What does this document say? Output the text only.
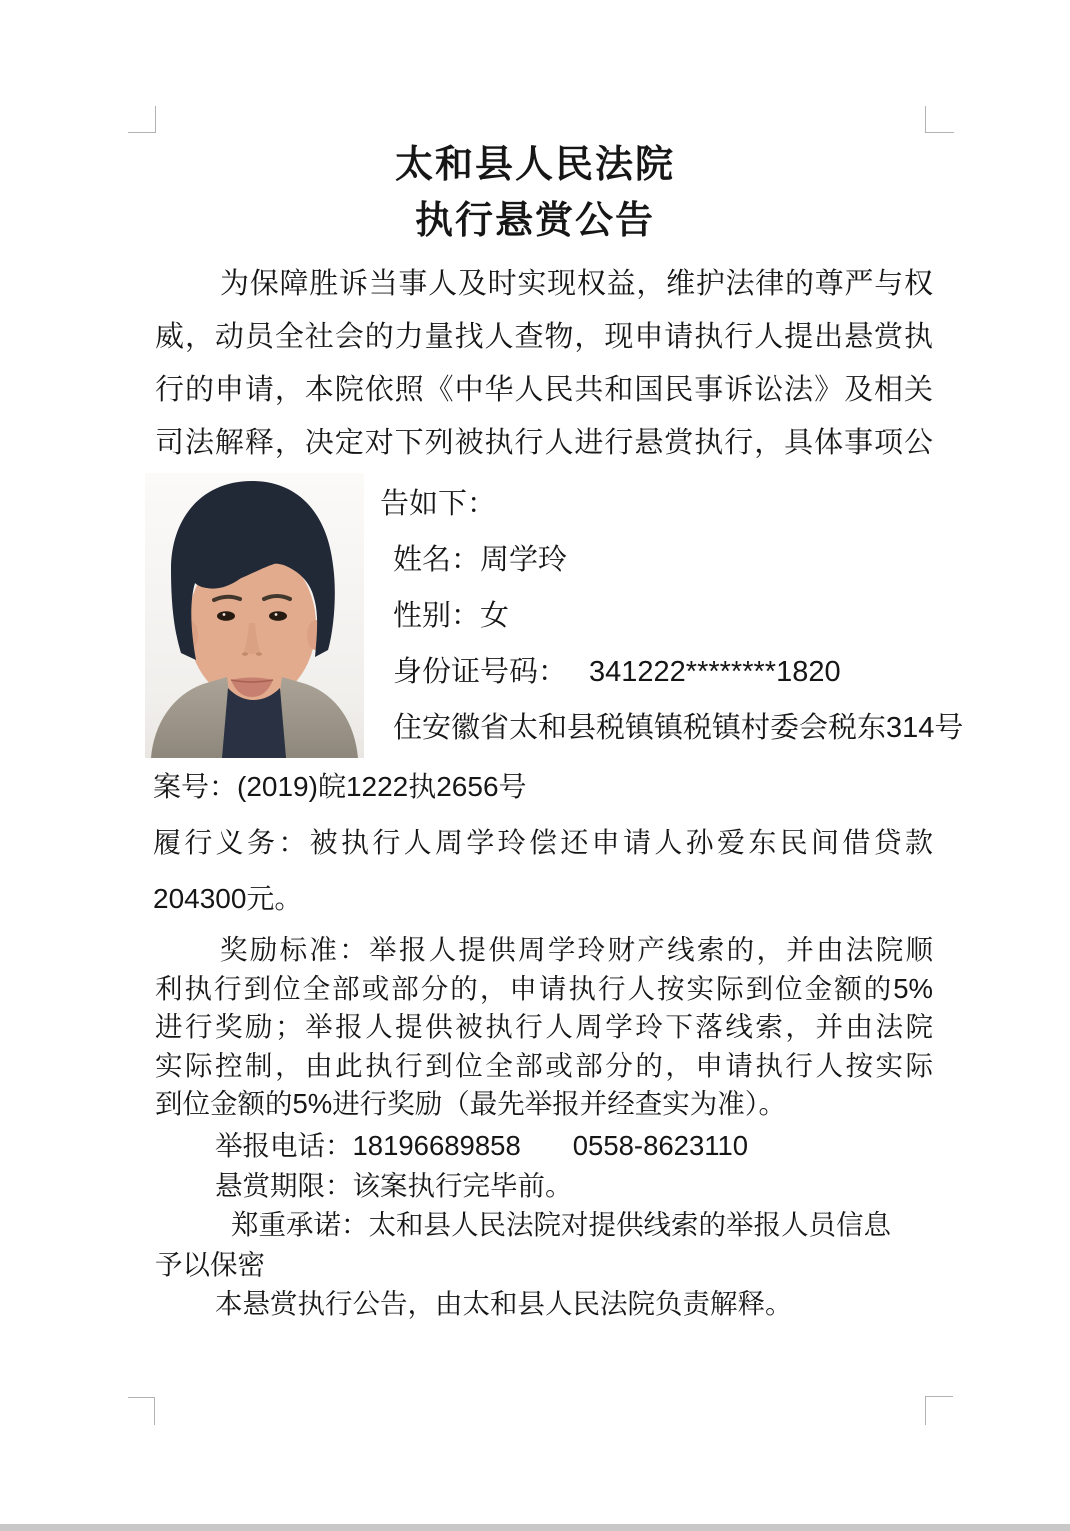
太和县人民法院
执行悬赏公告
为保障胜诉当事人及时实现权益，维护法律的尊严与权
威，动员全社会的力量找人查物，现申请执行人提出悬赏执
行的申请，本院依照《中华人民共和国民事诉讼法》及相关
司法解释，决定对下列被执行人进行悬赏执行，具体事项公
告如下：
姓名：周学玲
性别：女
身份证号码： 341222********1820
住安徽省太和县税镇镇税镇村委会税东314号
案号：(2019)皖1222执2656号
履行义务：被执行人周学玲偿还申请人孙爱东民间借贷款
204300元。
奖励标准：举报人提供周学玲财产线索的，并由法院顺
利执行到位全部或部分的，申请执行人按实际到位金额的5%
进行奖励；举报人提供被执行人周学玲下落线索，并由法院
实际控制，由此执行到位全部或部分的，申请执行人按实际
到位金额的5%进行奖励（最先举报并经查实为准）。
举报电话：18196689858 0558-8623110
悬赏期限：该案执行完毕前。
郑重承诺：太和县人民法院对提供线索的举报人员信息
予以保密
本悬赏执行公告，由太和县人民法院负责解释。
